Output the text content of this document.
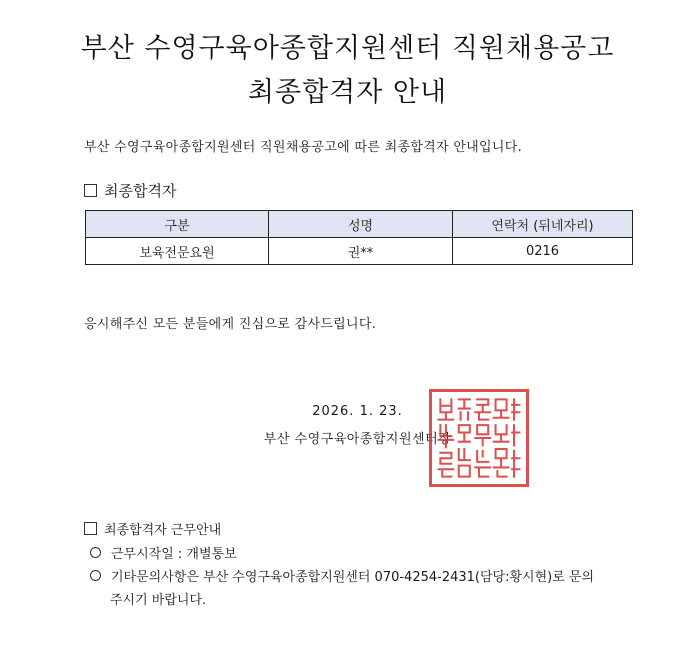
부산 수영구육아종합지원센터 직원채용공고
최종합격자 안내
부산 수영구육아종합지원센터 직원채용공고에 따른 최종합격자 안내입니다.
최종합격자
구분	성명	연락처 (뒤네자리)
보육전문요원	권**	0216
응시해주신 모든 분들에게 진심으로 감사드립니다.
2026. 1. 23.
부산 수영구육아종합지원센터장
최종합격자 근무안내
근무시작일 : 개별통보
기타문의사항은 부산 수영구육아종합지원센터 070-4254-2431(담당:황시현)로 문의
주시기 바랍니다.
